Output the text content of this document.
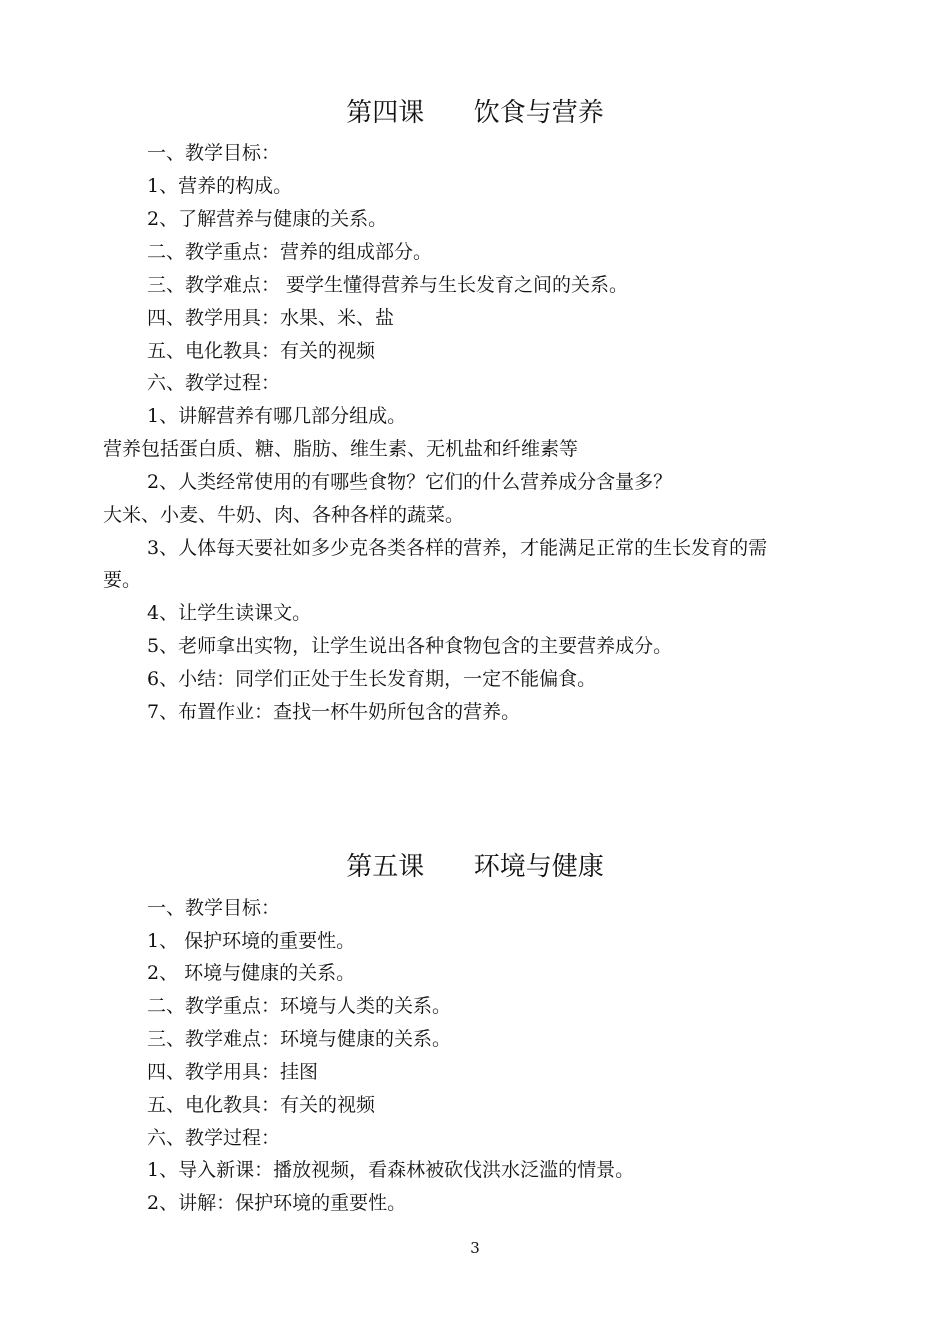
第四课      饮食与营养
一、教学目标：
1、营养的构成。
2、了解营养与健康的关系。
二、教学重点：营养的组成部分。
三、教学难点： 要学生懂得营养与生长发育之间的关系。
四、教学用具：水果、米、盐
五、电化教具：有关的视频
六、教学过程：
1、讲解营养有哪几部分组成。
营养包括蛋白质、糖、脂肪、维生素、无机盐和纤维素等
2、人类经常使用的有哪些食物？它们的什么营养成分含量多？
大米、小麦、牛奶、肉、各种各样的蔬菜。
3、人体每天要社如多少克各类各样的营养，才能满足正常的生长发育的需
要。
4、让学生读课文。
5、老师拿出实物，让学生说出各种食物包含的主要营养成分。
6、小结：同学们正处于生长发育期，一定不能偏食。
7、布置作业：查找一杯牛奶所包含的营养。
第五课      环境与健康
一、教学目标：
1、 保护环境的重要性。
2、 环境与健康的关系。
二、教学重点：环境与人类的关系。
三、教学难点：环境与健康的关系。
四、教学用具：挂图
五、电化教具：有关的视频
六、教学过程：
1、导入新课：播放视频，看森林被砍伐洪水泛滥的情景。
2、讲解：保护环境的重要性。
3
